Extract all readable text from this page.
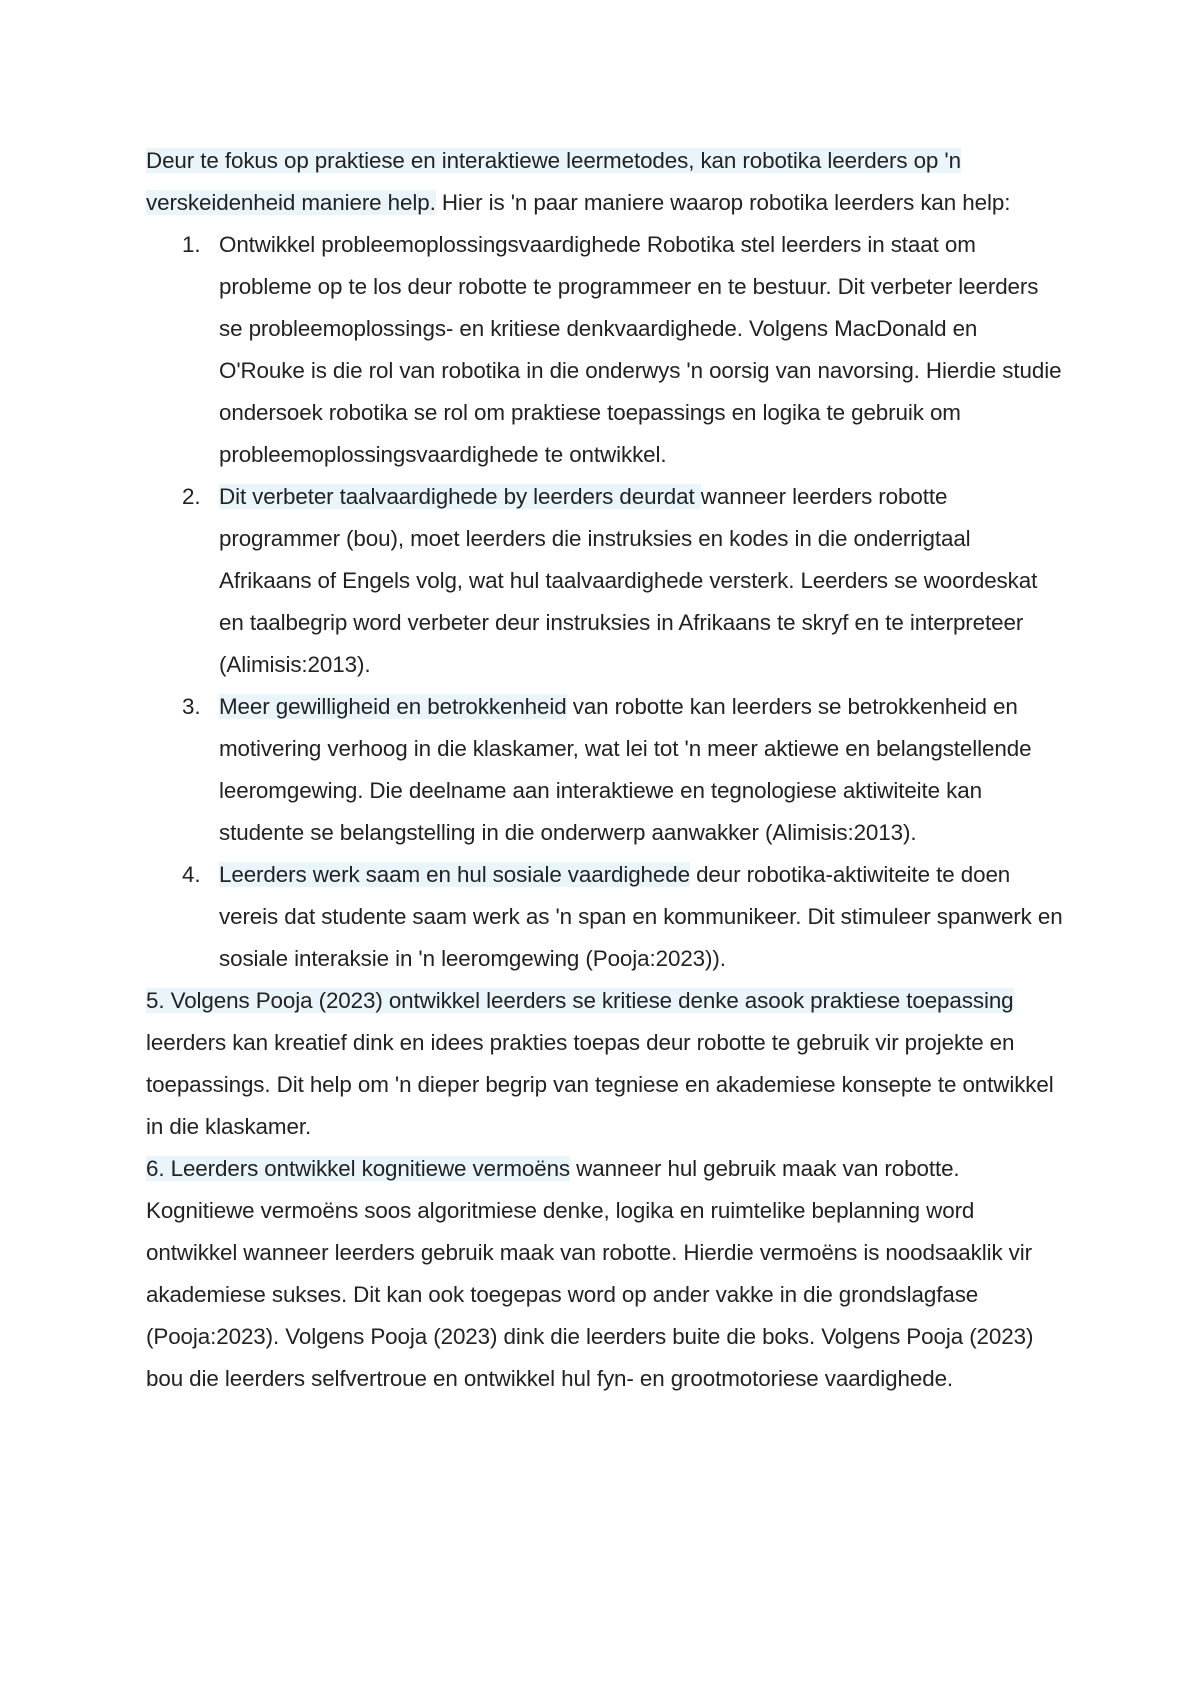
Deur te fokus op praktiese en interaktiewe leermetodes, kan robotika leerders op 'n verskeidenheid maniere help. Hier is 'n paar maniere waarop robotika leerders kan help:

1. Ontwikkel probleemoplossingsvaardighede Robotika stel leerders in staat om probleme op te los deur robotte te programmeer en te bestuur. Dit verbeter leerders se probleemoplossings- en kritiese denkvaardighede. Volgens MacDonald en O'Rouke is die rol van robotika in die onderwys 'n oorsig van navorsing. Hierdie studie ondersoek robotika se rol om praktiese toepassings en logika te gebruik om probleemoplossingsvaardighede te ontwikkel.
2. Dit verbeter taalvaardighede by leerders deurdat wanneer leerders robotte programmer (bou), moet leerders die instruksies en kodes in die onderrigtaal Afrikaans of Engels volg, wat hul taalvaardighede versterk. Leerders se woordeskat en taalbegrip word verbeter deur instruksies in Afrikaans te skryf en te interpreteer (Alimisis:2013).
3. Meer gewilligheid en betrokkenheid van robotte kan leerders se betrokkenheid en motivering verhoog in die klaskamer, wat lei tot 'n meer aktiewe en belangstellende leeromgewing. Die deelname aan interaktiewe en tegnologiese aktiwiteite kan studente se belangstelling in die onderwerp aanwakker (Alimisis:2013).
4. Leerders werk saam en hul sosiale vaardighede deur robotika-aktiwiteite te doen vereis dat studente saam werk as 'n span en kommunikeer. Dit stimuleer spanwerk en sosiale interaksie in 'n leeromgewing (Pooja:2023)).

5. Volgens Pooja (2023) ontwikkel leerders se kritiese denke asook praktiese toepassing leerders kan kreatief dink en idees prakties toepas deur robotte te gebruik vir projekte en toepassings. Dit help om 'n dieper begrip van tegniese en akademiese konsepte te ontwikkel in die klaskamer.

6. Leerders ontwikkel kognitiewe vermoëns wanneer hul gebruik maak van robotte. Kognitiewe vermoëns soos algoritmiese denke, logika en ruimtelike beplanning word ontwikkel wanneer leerders gebruik maak van robotte. Hierdie vermoëns is noodsaaklik vir akademiese sukses. Dit kan ook toegepas word op ander vakke in die grondslagfase (Pooja:2023). Volgens Pooja (2023) dink die leerders buite die boks. Volgens Pooja (2023) bou die leerders selfvertroue en ontwikkel hul fyn- en grootmotoriese vaardighede.
